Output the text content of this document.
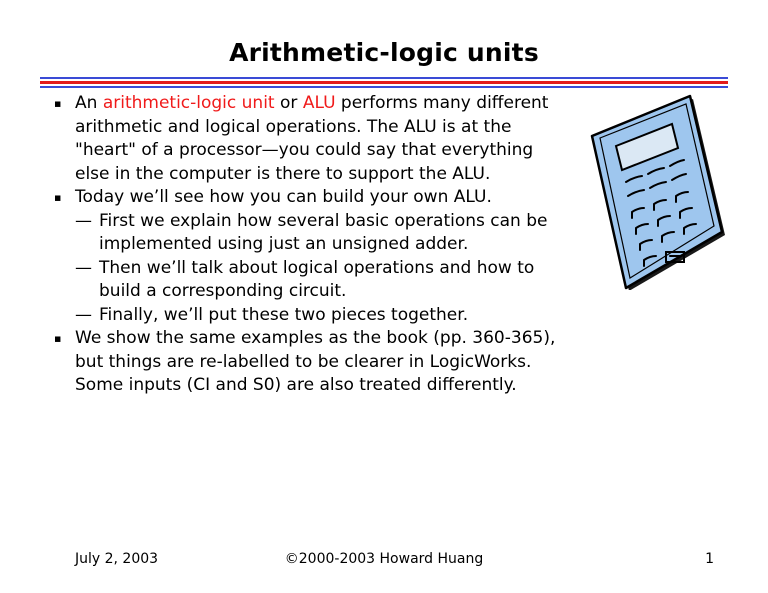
Arithmetic-logic units
▪ An arithmetic-logic unit or ALU performs many different arithmetic and logical operations. The ALU is at the "heart" of a processor—you could say that everything else in the computer is there to support the ALU.
▪ Today we’ll see how you can build your own ALU.
— First we explain how several basic operations can be implemented using just an unsigned adder.
— Then we’ll talk about logical operations and how to build a corresponding circuit.
— Finally, we’ll put these two pieces together.
▪ We show the same examples as the book (pp. 360-365), but things are re-labelled to be clearer in LogicWorks. Some inputs (CI and S0) are also treated differently.
July 2, 2003	©2000-2003 Howard Huang	1
